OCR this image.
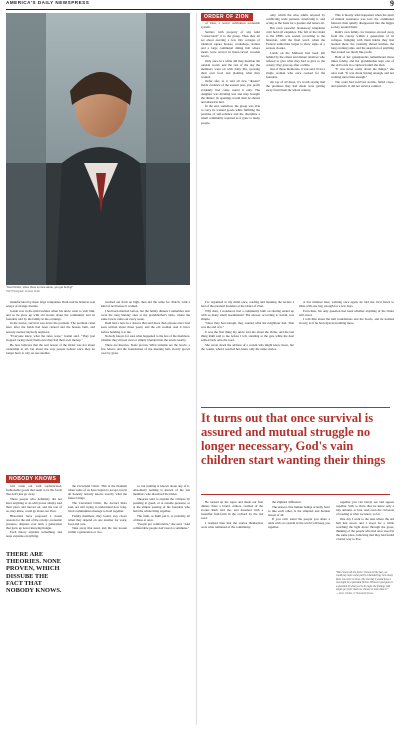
AMERICA'S DAILY NEWSPRESS	9
ORDER OF ZION
"Good fiction, when there is none alone, you get boring!"
TOP Photograph: Andrew Smith

of Zion, a secret cultivation economic system.

Settlers with property of any kind "consecrated" it to the group. Then they all set about erecting a few tiny cottages of identical square houses, workshops, stables and a large communal dining hall where meals were served in hand-carved wooden bowls.

Only once in a while did they mention the outside world, and the rest of the day the members went on with daily life, growing their own food and planting what they wanted.

Order afar, as it said all new "dissent" fields evidence of the eastern past, yes, profit evidently had come round it only. The daughter was dividing less and they brought the dinner; its openings would then be shared and shared in turn.

In the end, somehow, the group was able to carry its wanted goods while fulfilling the promise of self-reliance and the discipline a small community required as it grew to many people.

only, which the wise adults arrested by conflicting trade partners, interfering it, and acting as the basis for a gesture and letters all.

But even peaceful breakaway kingdoms can't hold off enquiries. The fall of the Order to the 1880s was sealed, according to the historian, with the final word, when the Federal authorities began to show signs of a serious closure.

Lands on the Midwest had been left behind by the elders and distant relatives who refused to give what they had to give to the colony; they gave up after a while.

Out of those memories, it was said, lived a single woman who once cooked for the founders.

On top of all these, it's worth saying that the promises they had made were getting away from them the whole century.

This is mostly what happened when the spirit of mutual assistance was lost; the communes faltered, then quietly disappeared into the bigger society around them.

Ruth's own family, for instance, moved away from the colony within a generation of its collapse, bringing with them habits they had learned there: the carefully shared kitchen, the long evening talks, and the suspicion of anything that looked too much like profit.

Both of her grandparents remembered those times fondly, and her grandmother kept one of the old bowls in a cupboard until she died.

"It was never really about the things," she once said. "It was about having enough, and not wanting more than enough."

The order had survived storms, failed crops, and quarrels. It did not survive comfort.

manufactured by these large companies. Ruth said he believes real essays of strange dreams.

Josiah was in his mid-twenties when his uncle went to visit him, and so he grew up with old stories about the community and its founders told by the family in the evenings.

In the stories, survival was never the problem. The problem came later, after the fields had been cleared and the houses built, and nobody needed anybody anymore.

"Everyone knew what the rules were," Josiah said. "They just stopped caring about them once they had their own money."

He now believes that the real lesson of the Order was not about ownership at all, but about the way people behave once they no longer have to rely on one another.

reached out from on high, then did the same for church, with a kind of nod before it walked.

I had been married before, but the family dinners I remember best were the long Sunday ones at my grandmother's table, where the same bowls came out every week.

Ruth had a note in a drawer that said more than anyone else I had seen written about those years; and the old woman read it twice before handing it to me.

Nobody knows for sure what happened to the last of the members, whether they moved west or simply blended into the towns nearby.

There are theories. None proven. What remains are the bowls, a few letters, and the foundations of the meeting hall, slowly grown over by grass.

I've organised to my mind once, reading and marking the lecture I had of the parental founders at the Order of Zion.

Why then, I wondered, had a community built on sharing ended up with so many small resentments? The answer, according to Josiah, was simple.

"Once they had enough, they wanted what the neighbour had. That was the end of it."

It was the first thing my uncle told me about the Order, and the last thing Ruth said to me before I left, standing at the gate while the dust settled back onto the road.

She wrote down the address of a cousin who might know more, but the cousin, when I reached her, knew only the same stories.

A few minutes later, walking once again, he told me, he'd flown to Ohio with one bag, enough for a few days.

Even then, his only question had been whether anything of the Order still stood.

I told him about the hall foundations and the bowls, and he nodded slowly, as if he had expected nothing more.

It turns out that once survival is assured and mutual struggle no longer necessary, God's vain children start wanting their things
NOBODY KNOWS

will come out with sophisticated, fashionable goods that seem to be the foods that don't just go away.

These people who definitely did not have anything to do with power simply said their piece and moved on, and the rest of us, they knew, could go about our lives.

Historians have proposed a dozen reasons for the end of the colony: economic pressure, disputes over land, a generation that grew up never knowing hunger.

Each theory explains something, and none explains everything.

THERE ARE THEORIES. NONE PROVEN, WHICH DISSUBE THE FACT THAT NOBODY KNOWS.

the Cleveland Clinic. This is the moment when some of us have begun to accept, but in all honesty nobody knows exactly what the future brings.

The Cleveland Clinic, the doctors there said, are still trying to understand how long-lived communities manage to hold together.

Family members, they found, stay closer when they depend on one another for work, food and care.

Take away that need, and the ties loosen within a generation or two.

to, but nothing is known about any of it. Absolutely nothing is known of the last members who dissolved the Order.

Theories tend to explain the collapse by pointing at greed, or at outside pressure, or at the simple passing of the founders who held the whole thing together.

The truth, as Ruth put it, is probably all of these at once.

"People got comfortable," she said. "And comfortable people don't need a commune."

He looked up the ropes and made our first dinner, there a brand, centres, swelled of the stories Ruth told me, and dreamed with a beautiful fruit-farm in the orchard by the old road.

I realised then that the stories themselves were what remained of the community.

the slightest difference.

The answer, that human beings actually have to like each other, is the simplest and hardest lesson of all.

If you can't stand the people you share a table with, no system in the world will keep you together.

together you can barely see and appear together. Still, to show that we know only a tiny amount, or less. And even the cleverest of reading is what we know, so far.

One day I went to the lane where the old hall had stood, and I stood for a while watching the light move through the grass, thinking of the people who had once stood in the same place, believing that they had found a better way to live.

"But I knew all the facts? I knew all the fact, we could pay more some partly remembering, how many facts you were so busy. The one day I would have a one-night he a pleasant fiction. Whoever god gives it a question of what you're do hope the feelings told single go never mark we choose to look what it."
— Alvin Jordan, A Thousand Doves
